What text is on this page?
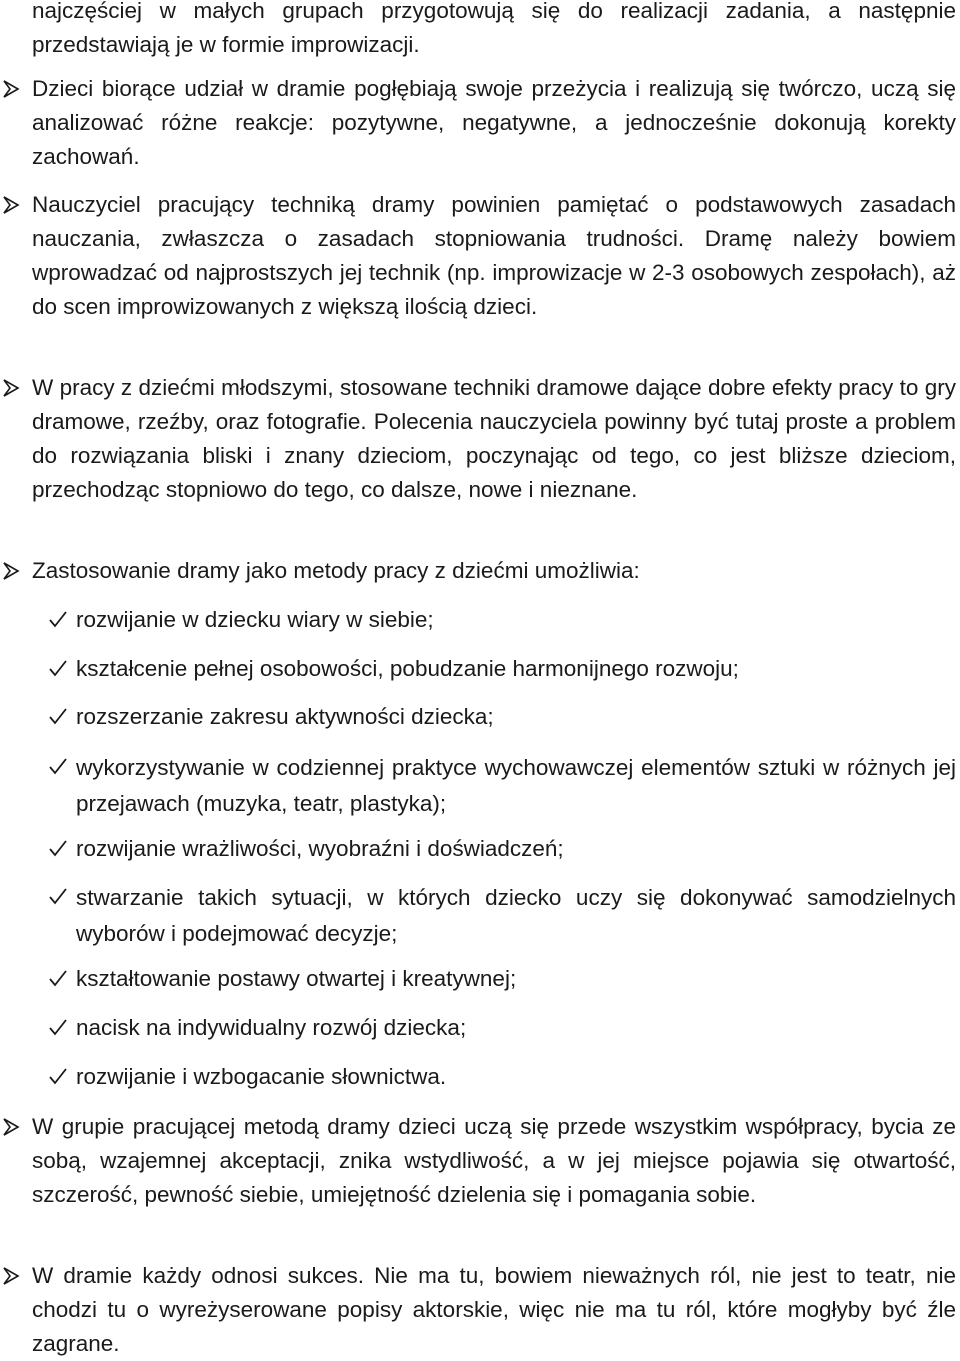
najczęściej w małych grupach przygotowują się do realizacji zadania, a następnie przedstawiają je w formie improwizacji.
Dzieci biorące udział w dramie pogłębiają swoje przeżycia i realizują się twórczo, uczą się analizować różne reakcje: pozytywne, negatywne, a jednocześnie dokonują korekty zachowań.
Nauczyciel pracujący techniką dramy powinien pamiętać o podstawowych zasadach nauczania, zwłaszcza o zasadach stopniowania trudności. Dramę należy bowiem wprowadzać od najprostszych jej technik (np. improwizacje w 2-3 osobowych zespołach), aż do scen improwizowanych z większą ilością dzieci.
W pracy z dziećmi młodszymi, stosowane techniki dramowe dające dobre efekty pracy to gry dramowe, rzeźby, oraz fotografie. Polecenia nauczyciela powinny być tutaj proste a problem do rozwiązania bliski i znany dzieciom, poczynając od tego, co jest bliższe dzieciom, przechodząc stopniowo do tego, co dalsze, nowe i nieznane.
Zastosowanie dramy jako metody pracy z dziećmi umożliwia:
rozwijanie w dziecku wiary w siebie;
kształcenie pełnej osobowości, pobudzanie harmonijnego rozwoju;
rozszerzanie zakresu aktywności dziecka;
wykorzystywanie w codziennej praktyce wychowawczej elementów sztuki w różnych jej przejawach (muzyka, teatr, plastyka);
rozwijanie wrażliwości, wyobraźni i doświadczeń;
stwarzanie takich sytuacji, w których dziecko uczy się dokonywać samodzielnych wyborów i podejmować decyzje;
kształtowanie postawy otwartej i kreatywnej;
nacisk na indywidualny rozwój dziecka;
rozwijanie i wzbogacanie słownictwa.
W grupie pracującej metodą dramy dzieci uczą się przede wszystkim współpracy, bycia ze sobą, wzajemnej akceptacji, znika wstydliwość, a w jej miejsce pojawia się otwartość, szczerość, pewność siebie, umiejętność dzielenia się i pomagania sobie.
W dramie każdy odnosi sukces. Nie ma tu, bowiem nieważnych ról, nie jest to teatr, nie chodzi tu o wyreżyserowane popisy aktorskie, więc nie ma tu ról, które mogłyby być źle zagrane.
